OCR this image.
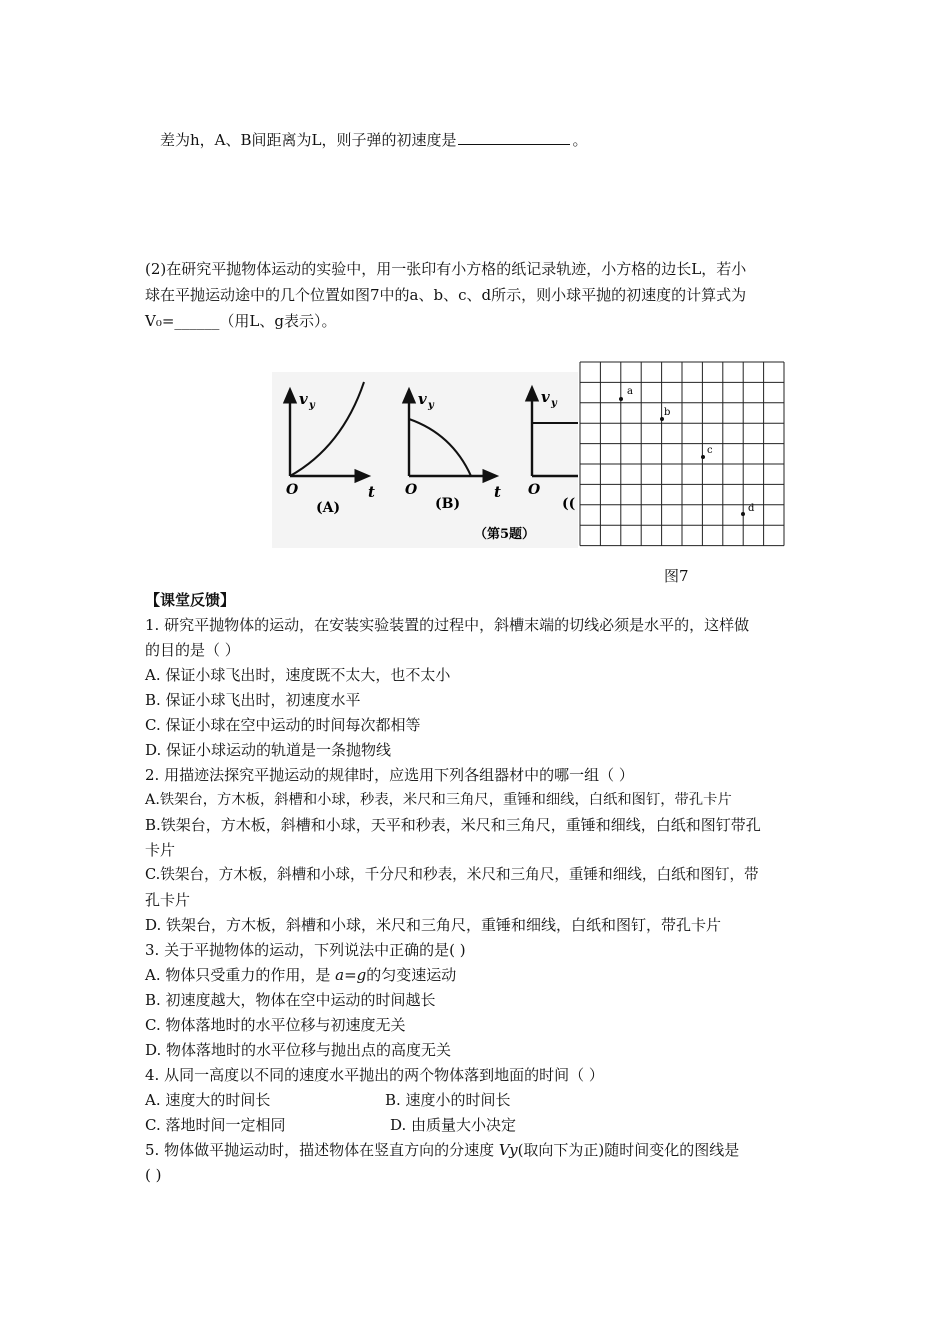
差为h，A、B间距离为L，则子弹的初速度是	。
(2)在研究平抛物体运动的实验中，用一张印有小方格的纸记录轨迹，小方格的边长L，若小
球在平抛运动途中的几个位置如图7中的a、b、c、d所示，则小球平抛的初速度的计算式为
V₀=______（用L、g表示）。
v y
O	t
(A)
v y
O	t
(B)
v y
O
((
（第5题）
a
b
c
d
图7
【课堂反馈】
1. 研究平抛物体的运动，在安装实验装置的过程中，斜槽末端的切线必须是水平的，这样做
的目的是（ ）
A. 保证小球飞出时，速度既不太大，也不太小
B. 保证小球飞出时，初速度水平
C. 保证小球在空中运动的时间每次都相等
D. 保证小球运动的轨道是一条抛物线
2. 用描迹法探究平抛运动的规律时，应选用下列各组器材中的哪一组（ ）
A.铁架台，方木板，斜槽和小球，秒表，米尺和三角尺，重锤和细线，白纸和图钉，带孔卡片
B.铁架台，方木板，斜槽和小球，天平和秒表，米尺和三角尺，重锤和细线，白纸和图钉带孔
卡片
C.铁架台，方木板，斜槽和小球，千分尺和秒表，米尺和三角尺，重锤和细线，白纸和图钉，带
孔卡片
D. 铁架台，方木板，斜槽和小球，米尺和三角尺，重锤和细线，白纸和图钉，带孔卡片
3. 关于平抛物体的运动，下列说法中正确的是( )
A. 物体只受重力的作用，是 a=g的匀变速运动
B. 初速度越大，物体在空中运动的时间越长
C. 物体落地时的水平位移与初速度无关
D. 物体落地时的水平位移与抛出点的高度无关
4. 从同一高度以不同的速度水平抛出的两个物体落到地面的时间（ ）
A. 速度大的时间长	B. 速度小的时间长
C. 落地时间一定相同	D. 由质量大小决定
5. 物体做平抛运动时，描述物体在竖直方向的分速度 Vy(取向下为正)随时间变化的图线是
( )
